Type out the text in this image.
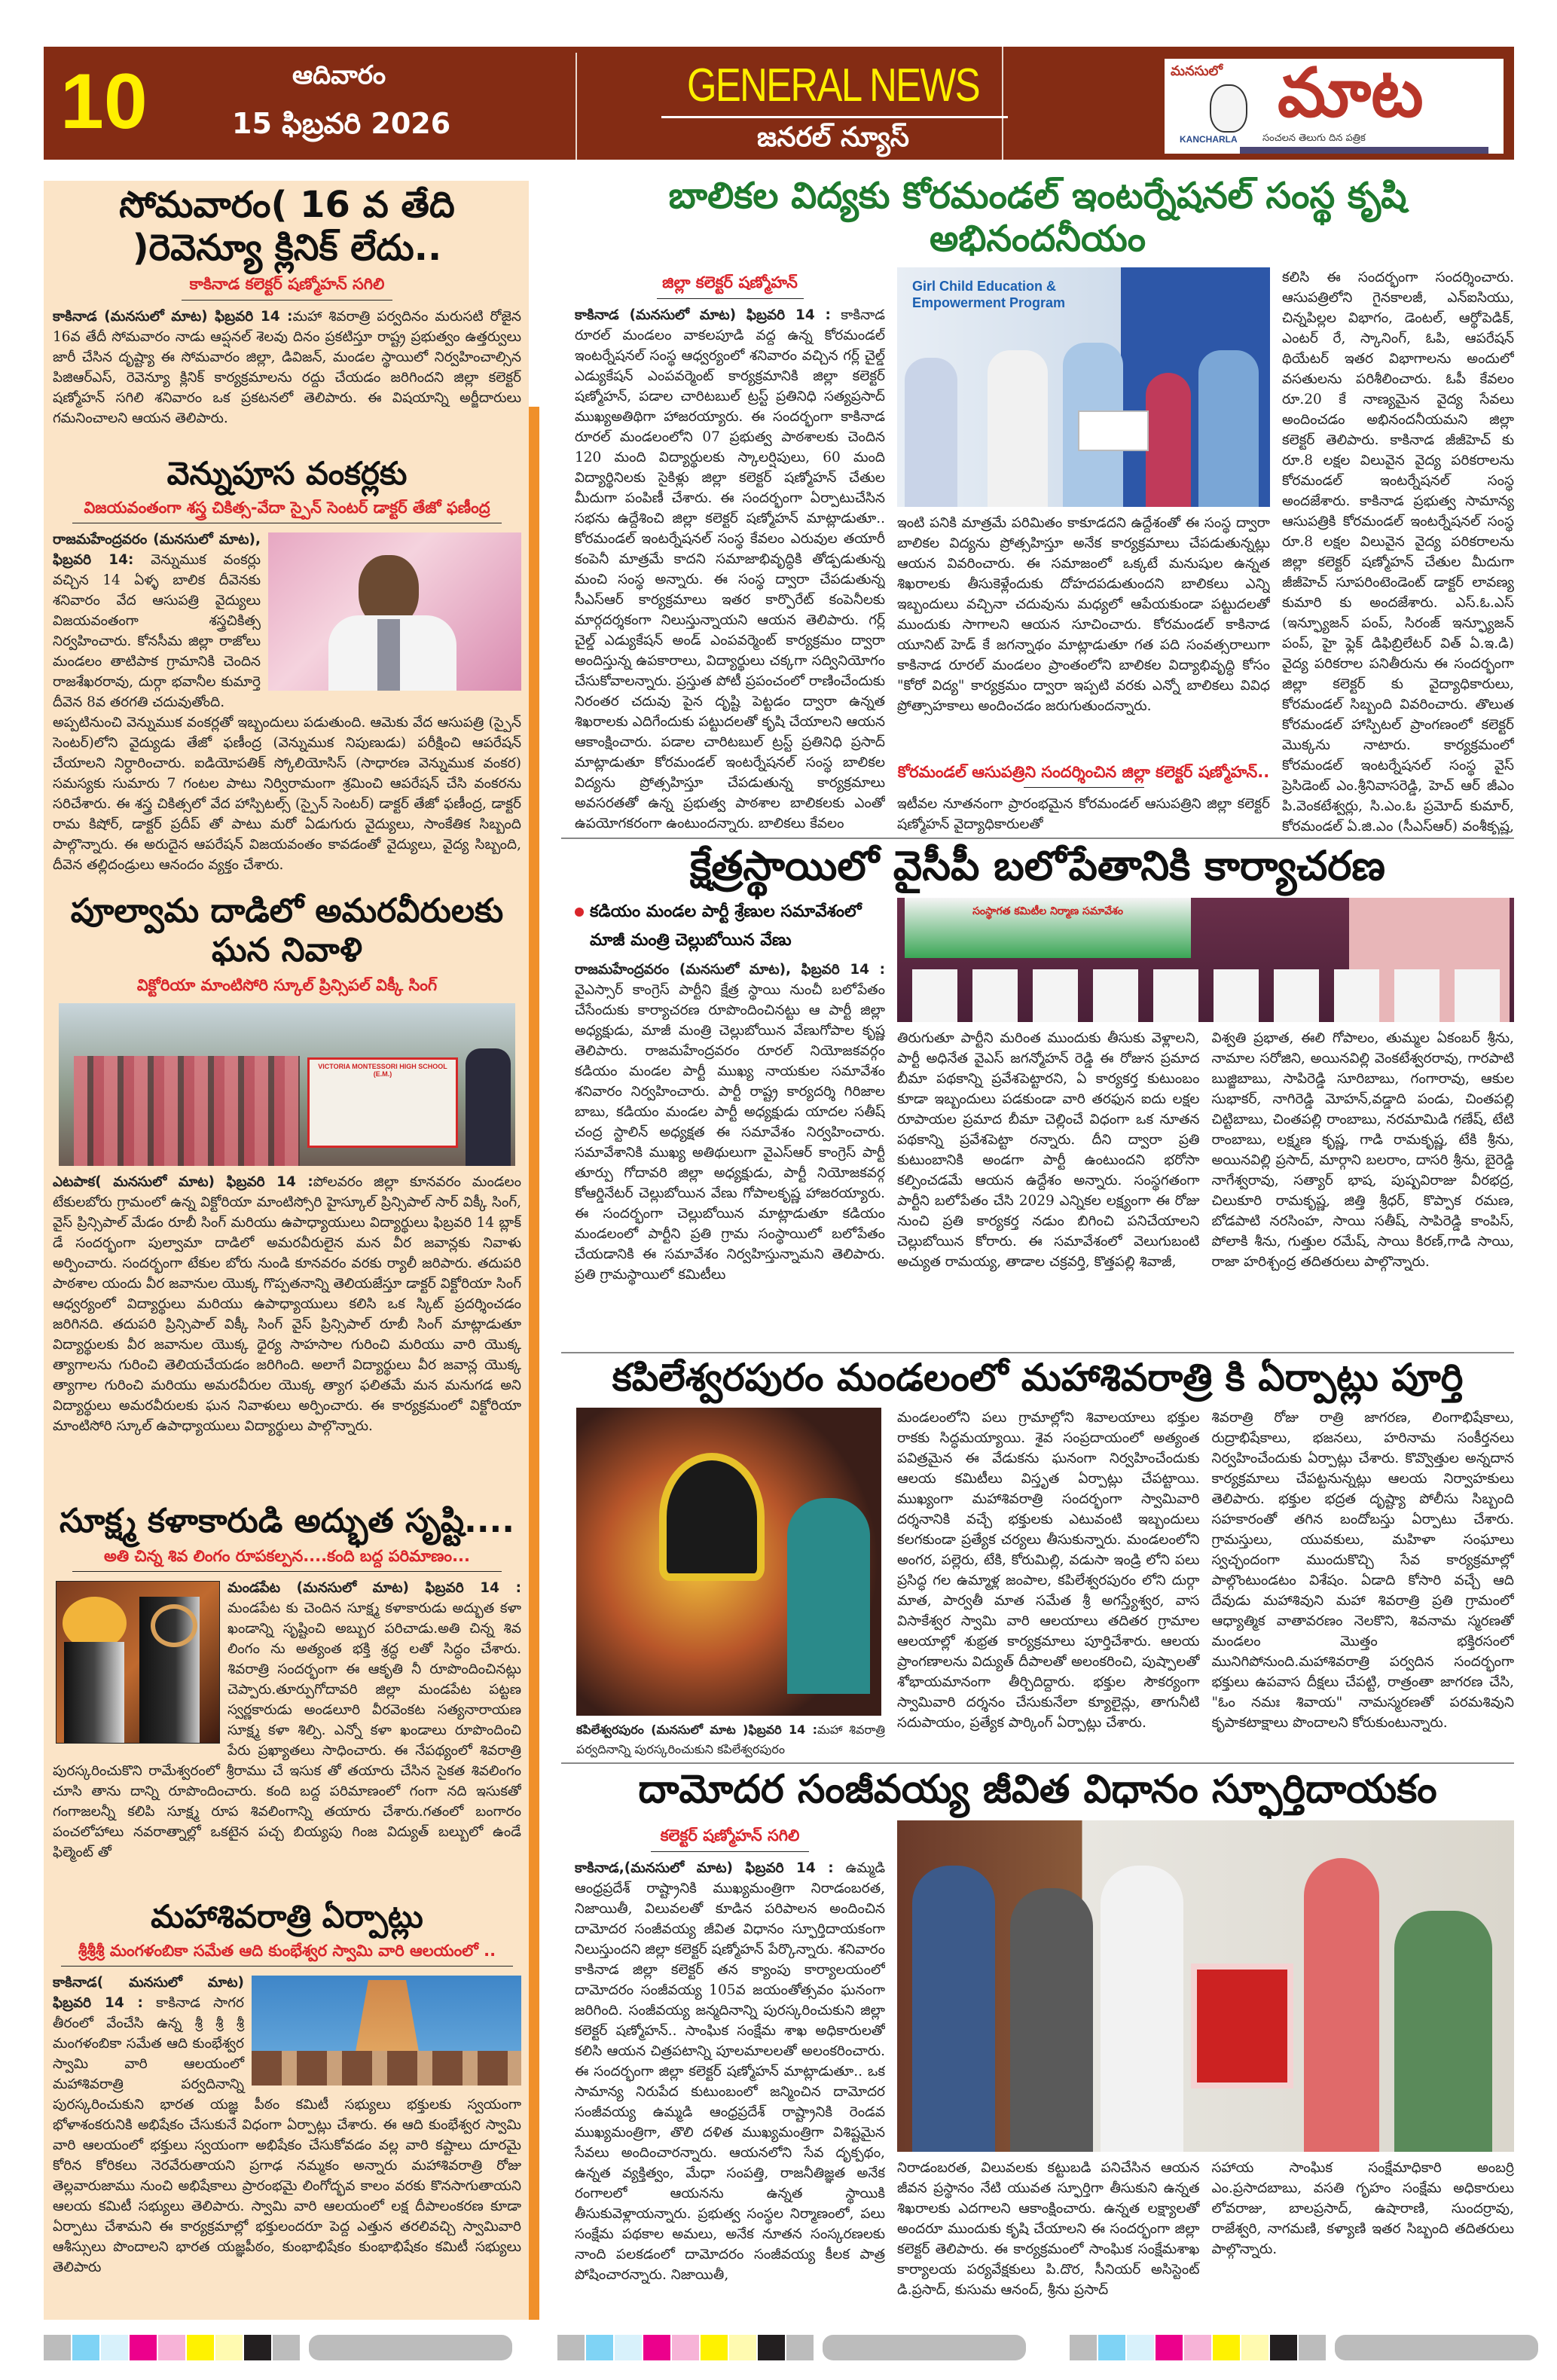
10	ఆదివారం
15 ఫిబ్రవరి 2026
GENERAL NEWS
జనరల్ న్యూస్
మనసులో మాట
KANCHARLA	సంచలన తెలుగు దిన పత్రిక
సోమవారం( 16 వ తేది )రెవెన్యూ క్లినిక్ లేదు..
కాకినాడ కలెక్టర్ షణ్మోహన్ సగిలి
కాకినాడ (మనసులో మాట) ఫిబ్రవరి 14 :మహా శివరాత్రి పర్వదినం మరుసటి రోజైన 16వ తేదీ సోమవారం నాడు ఆప్షనల్ శెలవు దినం ప్రకటిస్తూ రాష్ట్ర ప్రభుత్వం ఉత్తర్వులు జారీ చేసిన దృష్ట్యా ఈ సోమవారం జిల్లా, డివిజన్, మండల స్థాయిలో నిర్వహించాల్సిన పిజిఆర్ఎస్, రెవెన్యూ క్లినిక్ కార్యక్రమాలను రద్దు చేయడం జరిగిందని జిల్లా కలెక్టర్ షణ్మోహన్ సగిలి శనివారం ఒక ప్రకటనలో తెలిపారు. ఈ విషయాన్ని అర్జీదారులు గమనించాలని ఆయన తెలిపారు.
వెన్నుపూస వంకర్లకు
విజయవంతంగా శస్త్ర చికిత్స-వేదా స్పైన్ సెంటర్ డాక్టర్ తేజో ఫణీంద్ర
రాజమహేంద్రవరం (మనసులో మాట), ఫిబ్రవరి 14: వెన్నుముక వంకర్లు వచ్చిన 14 ఏళ్ళ బాలిక దీవెనకు శనివారం వేద ఆసుపత్రి వైద్యులు విజయవంతంగా శస్త్రచికిత్స నిర్వహించారు. కోనసీమ జిల్లా రాజోలు మండలం తాటిపాక గ్రామానికి చెందిన రాజశేఖరరావు, దుర్గా భవానీల కుమార్తె దీవెన 8వ తరగతి చదువుతోంది.
అప్పటినుంచి వెన్నుముక వంకర్లతో ఇబ్బందులు పడుతుంది. ఆమెకు వేద ఆసుపత్రి (స్పైన్ సెంటర్)లోని వైద్యుడు తేజో ఫణీంద్ర (వెన్నుముక నిపుణుడు) పరీక్షించి ఆపరేషన్ చేయాలని నిర్ధారించారు. ఐడియోపతిక్ స్కోలియోసిస్ (సాధారణ వెన్నుముక వంకర) సమస్యకు సుమారు 7 గంటల పాటు నిర్విరామంగా శ్రమించి ఆపరేషన్ చేసి వంకరను సరిచేశారు. ఈ శస్త్ర చికిత్సలో వేద హాస్పిటల్స్ (స్పైన్ సెంటర్) డాక్టర్ తేజో ఫణీంద్ర, డాక్టర్ రామ కిషోర్, డాక్టర్ ప్రదీప్ తో పాటు మరో ఏడుగురు వైద్యులు, సాంకేతిక సిబ్బంది పాల్గొన్నారు. ఈ అరుదైన ఆపరేషన్ విజయవంతం కావడంతో వైద్యులు, వైద్య సిబ్బంది, దీవెన తల్లిదండ్రులు ఆనందం వ్యక్తం చేశారు.
పూల్వామ దాడిలో అమరవీరులకు ఘన నివాళి
విక్టోరియా మాంటిసోరి స్కూల్ ప్రిన్సిపల్ విక్కీ సింగ్
VICTORIA MONTESSORI HIGH SCHOOL (E.M.)
ఎటపాక( మనసులో మాట) ఫిబ్రవరి 14 :పోలవరం జిల్లా కూనవరం మండలం టేకులబోరు గ్రామంలో ఉన్న విక్టోరియా మాంటిస్సోరి హైస్కూల్ ప్రిన్సిపాల్ సార్ విక్కీ సింగ్, వైస్ ప్రిన్సిపాల్ మేడం రూబీ సింగ్ మరియు ఉపాధ్యాయులు విద్యార్థులు ఫిబ్రవరి 14 బ్లాక్ డే సందర్భంగా పుల్వామా దాడిలో అమరవీరులైన మన వీర జవాన్లకు నివాళు అర్పించారు. సందర్భంగా టేకుల బోరు నుండి కూనవరం వరకు ర్యాలీ జరిపారు. తదుపరి పాఠశాల యందు వీర జవానుల యొక్క గొప్పతనాన్ని తెలియజేస్తూ డాక్టర్ విక్టోరియా సింగ్ ఆధ్వర్యంలో విద్యార్థులు మరియు ఉపాధ్యాయులు కలిసి ఒక స్కిట్ ప్రదర్శించడం జరిగినది. తదుపరి ప్రిన్సిపాల్ విక్కీ సింగ్ వైస్ ప్రిన్సిపాల్ రూబీ సింగ్ మాట్లాడుతూ విద్యార్థులకు వీర జవానుల యొక్క ధైర్య సాహసాల గురించి మరియు వారి యొక్క త్యాగాలను గురించి తెలియచేయడం జరిగింది. అలాగే విద్యార్థులు వీర జవాన్ల యొక్క త్యాగాల గురించి మరియు అమరవీరుల యొక్క త్యాగ ఫలితమే మన మనుగడ అని విద్యార్థులు అమరవీరులకు ఘన నివాళులు అర్పించారు. ఈ కార్యక్రమంలో విక్టోరియా మాంటిసోరి స్కూల్ ఉపాధ్యాయులు విద్యార్థులు పాల్గొన్నారు.
సూక్ష్మ కళాకారుడి అద్భుత సృష్టి....
అతి చిన్న శివ లింగం రూపకల్పన....కంది బద్ద పరిమాణం...
మండపేట (మనసులో మాట) ఫిబ్రవరి 14 : మండపేట కు చెందిన సూక్ష్మ కళాకారుడు అద్భుత కళా ఖండాన్ని సృష్టించి అబ్బుర పరిచాడు.అతి చిన్న శివ లింగం ను అత్యంత భక్తి శ్రద్ధ లతో సిద్ధం చేశారు. శివరాత్రి సందర్భంగా ఈ ఆకృతి నీ రూపొందించినట్లు చెప్పారు.తూర్పుగోదావరి జిల్లా మండపేట పట్టణ స్వర్ణకారుడు అండలూరి వీరవెంకట సత్యనారాయణ సూక్ష్మ కళా శిల్పి. ఎన్నో కళా ఖండాలు రూపొందించి పేరు ప్రఖ్యాతలు సాధించారు. ఈ నేపథ్యంలో శివరాత్రి పురస్కరించుకొని రామేశ్వరంలో శ్రీరాము చే ఇసుక తో తయారు చేసిన సైకత శివలింగం చూసి తాను దాన్ని రూపొందించారు. కంది బద్ద పరిమాణంలో గంగా నది ఇసుకతో గంగాజలన్నీ కలిపి సూక్ష్మ రూప శివలింగాన్ని తయారు చేశారు.గతంలో బంగారం పంచలోహాలు నవరాత్నాల్లో ఒకటైన పచ్చ బియ్యపు గింజ విద్యుత్ బల్బులో ఉండే ఫిల్మెంట్ తో
మహాశివరాత్రి ఏర్పాట్లు
శ్రీశ్రీశ్రీ మంగళంబికా సమేత ఆది కుంభేశ్వర స్వామి వారి ఆలయంలో ..
కాకినాడ( మనసులో మాట) ఫిబ్రవరి 14 : కాకినాడ సాగర తీరంలో వేంచేసి ఉన్న శ్రీ శ్రీ శ్రీ మంగళంబికా సమేత ఆది కుంభేశ్వర స్వామి వారి ఆలయంలో మహాశివరాత్రి పర్వదినాన్ని పురస్కరించుకుని భారత యజ్ఞ పీఠం కమిటీ సభ్యులు భక్తులకు స్వయంగా భోళాశంకరునికి అభిషేకం చేసుకునే విధంగా ఏర్పాట్లు చేశారు. ఈ ఆది కుంభేశ్వర స్వామి వారి ఆలయంలో భక్తులు స్వయంగా అభిషేకం చేసుకోవడం వల్ల వారి కష్టాలు దూరమై కోరిన కోరికలు నెరవేరుతాయని ప్రగాఢ నమ్మకం అన్నారు మహాశివరాత్రి రోజు తెల్లవారుజాము నుంచి అభిషేకాలు ప్రారంభమై లింగోద్భవ కాలం వరకు కొనసాగుతాయని ఆలయ కమిటీ సభ్యులు తెలిపారు. స్వామి వారి ఆలయంలో లక్ష దీపాలంకరణ కూడా ఏర్పాటు చేశామని ఈ కార్యక్రమాల్లో భక్తులందరూ పెద్ద ఎత్తున తరలివచ్చి స్వామివారి ఆశీస్సులు పొందాలని భారత యజ్ఞపీఠం, కుంభాభిషేకం కుంభాభిషేకం కమిటీ సభ్యులు తెలిపారు
బాలికల విద్యకు కోరమండల్ ఇంటర్నేషనల్ సంస్థ కృషి అభినందనీయం
జిల్లా కలెక్టర్ షణ్మోహన్
కాకినాడ (మనసులో మాట) ఫిబ్రవరి 14 : కాకినాడ రూరల్ మండలం వాకలపూడి వద్ద ఉన్న కోరమండల్ ఇంటర్నేషనల్ సంస్థ ఆధ్వర్యంలో శనివారం వచ్చిన గర్ల్ చైల్డ్ ఎడ్యుకేషన్ ఎంపవర్మెంట్ కార్యక్రమానికి జిల్లా కలెక్టర్ షణ్మోహన్, పడాల చారిటబుల్ ట్రస్ట్ ప్రతినిధి సత్యప్రసాద్ ముఖ్యఅతిథిగా హాజరయ్యారు. ఈ సందర్భంగా కాకినాడ రూరల్ మండలంలోని 07 ప్రభుత్వ పాఠశాలకు చెందిన 120 మంది విద్యార్థులకు స్కాలర్షిపులు, 60 మంది విద్యార్థినిలకు సైకిళ్లు జిల్లా కలెక్టర్ షణ్మోహన్ చేతుల మీదుగా పంపిణీ చేశారు. ఈ సందర్భంగా ఏర్పాటుచేసిన సభను ఉద్దేశించి జిల్లా కలెక్టర్ షణ్మోహన్ మాట్లాడుతూ.. కోరమండల్ ఇంటర్నేషనల్ సంస్థ కేవలం ఎరువుల తయారీ కంపెనీ మాత్రమే కాదని సమాజాభివృద్ధికి తోడ్పడుతున్న మంచి సంస్థ అన్నారు. ఈ సంస్థ ద్వారా చేపడుతున్న సీఎస్ఆర్ కార్యక్రమాలు ఇతర కార్పొరేట్ కంపెనీలకు మార్గదర్శకంగా నిలుస్తున్నాయని ఆయన తెలిపారు. గర్ల్ చైల్డ్ ఎడ్యుకేషన్ అండ్ ఎంపవర్మెంట్ కార్యక్రమం ద్వారా అందిస్తున్న ఉపకారాలు, విద్యార్థులు చక్కగా సద్వినియోగం చేసుకోవాలన్నారు. ప్రస్తుత పోటీ ప్రపంచంలో రాణించేందుకు నిరంతర చదువు పైన దృష్టి పెట్టడం ద్వారా ఉన్నత శిఖరాలకు ఎదిగేందుకు పట్టుదలతో కృషి చేయాలని ఆయన ఆకాంక్షించారు. పడాల చారిటబుల్ ట్రస్ట్ ప్రతినిధి ప్రసాద్ మాట్లాడుతూ కోరమండల్ ఇంటర్నేషనల్ సంస్థ బాలికల విద్యను ప్రోత్సహిస్తూ చేపడుతున్న కార్యక్రమాలు అవసరతతో ఉన్న ప్రభుత్వ పాఠశాల బాలికలకు ఎంతో ఉపయోగకరంగా ఉంటుందన్నారు. బాలికలు కేవలం
Girl Child Education & Empowerment Program
ఇంటి పనికి మాత్రమే పరిమితం కాకూడదని ఉద్దేశంతో ఈ సంస్థ ద్వారా బాలికల విద్యను ప్రోత్సహిస్తూ అనేక కార్యక్రమాలు చేపడుతున్నట్లు ఆయన వివరించారు. ఈ సమాజంలో ఒక్కటే మనుషుల ఉన్నత శిఖరాలకు తీసుకెళ్లేందుకు దోహదపడుతుందని బాలికలు ఎన్ని ఇబ్బందులు వచ్చినా చదువును మధ్యలో ఆపేయకుండా పట్టుదలతో ముందుకు సాగాలని ఆయన సూచించారు. కోరమండల్ కాకినాడ యూనిట్ హెడ్ కే జగన్నాథం మాట్లాడుతూ గత పది సంవత్సరాలుగా కాకినాడ రూరల్ మండలం ప్రాంతంలోని బాలికల విద్యాభివృద్ధి కోసం "కోరో విద్య" కార్యక్రమం ద్వారా ఇప్పటి వరకు ఎన్నో బాలికలు వివిధ ప్రోత్సాహకాలు అందించడం జరుగుతుందన్నారు.
కోరమండల్ ఆసుపత్రిని సందర్శించిన జిల్లా కలెక్టర్ షణ్మోహన్..
ఇటీవల నూతనంగా ప్రారంభమైన కోరమండల్ ఆసుపత్రిని జిల్లా కలెక్టర్ షణ్మోహన్ వైద్యాధికారులతో
కలిసి ఈ సందర్భంగా సందర్శించారు. ఆసుపత్రిలోని గైనకాలజీ, ఎన్ఐసియు, చిన్నపిల్లల విభాగం, డెంటల్, ఆర్థోపెడిక్, ఎంటర్ రే, స్కానింగ్, ఓపి, ఆపరేషన్ థియేటర్ ఇతర విభాగాలను అందులో వసతులను పరిశీలించారు. ఓపీ కేవలం రూ.20 కే నాణ్యమైన వైద్య సేవలు అందించడం అభినందనీయమని జిల్లా కలెక్టర్ తెలిపారు. కాకినాడ జీజీహెచ్ కు రూ.8 లక్షల విలువైన వైద్య పరికరాలను కోరమండల్ ఇంటర్నేషనల్ సంస్థ అందజేశారు. కాకినాడ ప్రభుత్వ సామాన్య ఆసుపత్రికి కోరమండల్ ఇంటర్నేషనల్ సంస్థ రూ.8 లక్షల విలువైన వైద్య పరికరాలను జిల్లా కలెక్టర్ షణ్మోహన్ చేతుల మీదుగా జీజీహెచ్ సూపరింటెండెంట్ డాక్టర్ లావణ్య కుమారి కు అందజేశారు. ఎస్.ఓ.ఎస్ (ఇన్ఫ్యూజన్ పంప్, సిరంజ్ ఇన్ఫ్యూజన్ పంప్, హై ఫ్లెక్ డిఫిబ్రిలేటర్ విత్ ఏ.ఇ.డి) వైద్య పరికరాల పనితీరును ఈ సందర్భంగా జిల్లా కలెక్టర్ కు వైద్యాధికారులు, కోరమండల్ సిబ్బంది వివరించారు. తొలుత కోరమండల్ హాస్పిటల్ ప్రాంగణంలో కలెక్టర్ మొక్కను నాటారు. కార్యక్రమంలో కోరమండల్ ఇంటర్నేషనల్ సంస్థ వైస్ ప్రెసిడెంట్ ఎం.శ్రీనివాసరెడ్డి, హెచ్ ఆర్ జీఎం పి.వెంకటేశ్వర్లు, సి.ఎం.ఓ ప్రమోద్ కుమార్, కోరమండల్ ఏ.జి.ఎం (సీఎస్ఆర్) వంశీకృష్ణ,
క్షేత్రస్థాయిలో వైసీపీ బలోపేతానికి కార్యాచరణ
కడియం మండల పార్టీ శ్రేణుల సమావేశంలో మాజీ మంత్రి చెల్లుబోయిన వేణు
రాజమహేంద్రవరం (మనసులో మాట), ఫిబ్రవరి 14 : వైఎస్సార్ కాంగ్రెస్ పార్టీని క్షేత్ర స్థాయి నుంచీ బలోపేతం చేసేందుకు కార్యాచరణ రూపొందించినట్టు ఆ పార్టీ జిల్లా అధ్యక్షుడు, మాజీ మంత్రి చెల్లుబోయిన వేణుగోపాల కృష్ణ తెలిపారు. రాజమహేంద్రవరం రూరల్ నియోజకవర్గం కడియం మండల పార్టీ ముఖ్య నాయకుల సమావేశం శనివారం నిర్వహించారు. పార్టీ రాష్ట్ర కార్యదర్శి గిరిజాల బాబు, కడియం మండల పార్టీ అధ్యక్షుడు యాదల సతీష్ చంద్ర స్టాలిన్ అధ్యక్షత ఈ సమావేశం నిర్వహించారు. సమావేశానికి ముఖ్య అతిథులుగా వైఎస్ఆర్ కాంగ్రెస్ పార్టీ తూర్పు గోదావరి జిల్లా అధ్యక్షుడు, పార్టీ నియోజకవర్గ కోఆర్డినేటర్ చెల్లుబోయిన వేణు గోపాలకృష్ణ హాజరయ్యారు. ఈ సందర్భంగా చెల్లుబోయిన మాట్లాడుతూ కడియం మండలంలో పార్టీని ప్రతి గ్రామ సంస్థాయిలో బలోపేతం చేయడానికి ఈ సమావేశం నిర్వహిస్తున్నామని తెలిపారు. ప్రతి గ్రామస్థాయిలో కమిటీలు
సంస్థాగత కమిటీల నిర్మాణ సమావేశం
తిరుగుతూ పార్టీని మరింత ముందుకు తీసుకు వెళ్లాలని, పార్టీ అధినేత వైఎస్ జగన్మోహన్ రెడ్డి ఈ రోజున ప్రమాద బీమా పథకాన్ని ప్రవేశపెట్టారని, ఏ కార్యకర్త కుటుంబం కూడా ఇబ్బందులు పడకుండా వారి తరఫున ఐదు లక్షల రూపాయల ప్రమాద బీమా చెల్లించే విధంగా ఒక నూతన పథకాన్ని ప్రవేశపెట్టా రన్నారు. దీని ద్వారా ప్రతి కుటుంబానికి అండగా పార్టీ ఉంటుందని భరోసా కల్పించడమే ఆయన ఉద్దేశం అన్నారు. సంస్థగతంగా పార్టీని బలోపేతం చేసి 2029 ఎన్నికల లక్ష్యంగా ఈ రోజు నుంచి ప్రతి కార్యకర్త నడుం బిగించి పనిచేయాలని చెల్లుబోయిన కోరారు. ఈ సమావేశంలో వెలుగుబంటి అచ్యుత రామయ్య, తాడాల చక్రవర్తి, కొత్తపల్లి శివాజీ,
విశ్వతి ప్రభాత, ఈలి గోపాలం, తుమ్మల ఏకంబర్ శ్రీను, నామాల సరోజిని, అయినవిల్లి వెంకటేశ్వరరావు, గారపాటి బుజ్జిబాబు, సాపిరెడ్డి సూరిబాబు, గంగారావు, ఆకుల సుభాకర్, నాగిరెడ్డి మోహన్,వడ్డాది పండు, చింతపల్లి చిట్టిబాబు, చింతపల్లి రాంబాబు, నరమామిడి గణేష్, టేటి రాంబాబు, లక్ష్మణ కృష్ణ, గాడి రామకృష్ణ, టేకి శ్రీను, అయినవిల్లి ప్రసాద్, మార్గాని బలరాం, దాసరి శ్రీను, బైరెడ్డి నాగేశ్వరావు, సత్యార్ భాష, పుష్పవిరాజు వీరభద్ర, చిలుకూరి రామకృష్ణ, జిత్తి శ్రీధర్, కొప్పాక రమణ, బోడపాటి నరసింహ, సాయి సతీష్, సాపిరెడ్డి కాంపిస్, పోలాకి శీను, గుత్తుల రమేష్, సాయి కిరణ్,గాడి సాయి, రాజా హరిశ్చంద్ర తదితరులు పాల్గొన్నారు.
కపిలేశ్వరపురం మండలంలో మహాశివరాత్రి కి ఏర్పాట్లు పూర్తి
కపిలేశ్వరపురం (మనసులో మాట )ఫిబ్రవరి 14 :మహా శివరాత్రి పర్వదినాన్ని పురస్కరించుకుని కపిలేశ్వరపురం
మండలంలోని పలు గ్రామాల్లోని శివాలయాలు భక్తుల రాకకు సిద్ధమయ్యాయి. శైవ సంప్రదాయంలో అత్యంత పవిత్రమైన ఈ వేడుకను ఘనంగా నిర్వహించేందుకు ఆలయ కమిటీలు విస్తృత ఏర్పాట్లు చేపట్టాయి. ముఖ్యంగా మహాశివరాత్రి సందర్భంగా స్వామివారి దర్శనానికి వచ్చే భక్తులకు ఎటువంటి ఇబ్బందులు కలగకుండా ప్రత్యేక చర్యలు తీసుకున్నారు. మండలంలోని అంగర, పల్లెరు, టేకి, కోరుమిల్లి, వడుసా ఇండ్రి లోని పలు ప్రసిద్ధ గల ఉమ్మాళ్ల జంపాల, కపిలేశ్వరపురం లోని దుర్గా మాత, పార్వతీ మాత సమేత శ్రీ అగస్త్యేశ్వర, వాస విసాకేశ్వర స్వామి వారి ఆలయాలు తదితర గ్రామాల ఆలయాల్లో శుభ్రత కార్యక్రమాలు పూర్తిచేశారు. ఆలయ ప్రాంగణాలను విద్యుత్ దీపాలతో అలంకరించి, పుష్పాలతో శోభాయమానంగా తీర్చిదిద్దారు. భక్తుల సౌకర్యంగా స్వామివారి దర్శనం చేసుకునేలా క్యూలైన్లు, తాగునీటి సదుపాయం, ప్రత్యేక పార్కింగ్ ఏర్పాట్లు చేశారు.
శివరాత్రి రోజు రాత్రి జాగరణ, లింగాభిషేకాలు, రుద్రాభిషేకాలు, భజనలు, హరినామ సంకీర్తనలు నిర్వహించేందుకు ఏర్పాట్లు చేశారు. కొవ్వొత్తుల అన్నదాన కార్యక్రమాలు చేపట్టనున్నట్లు ఆలయ నిర్వాహకులు తెలిపారు. భక్తుల భద్రత దృష్ట్యా పోలీసు సిబ్బంది సహకారంతో తగిన బందోబస్తు ఏర్పాటు చేశారు. గ్రామస్తులు, యువకులు, మహిళా సంఘాలు స్వచ్ఛందంగా ముందుకొచ్చి సేవ కార్యక్రమాల్లో పాల్గొంటుండటం విశేషం. ఏడాది కోసారి వచ్చే ఆది దేవుడు మహాశివుని మహా శివరాత్రి ప్రతి గ్రామంలో ఆధ్యాత్మిక వాతావరణం నెలకొని, శివనామ స్మరణతో మండలం మొత్తం భక్తిరసంలో మునిగిపోనుంది.మహాశివరాత్రి పర్వదిన సందర్భంగా భక్తులు ఉపవాస దీక్షలు చేపట్టి, రాత్రంతా జాగరణ చేసి, "ఓం నమః శివాయ" నామస్మరణతో పరమశివుని కృపాకటాక్షాలు పొందాలని కోరుకుంటున్నారు.
దామోదర సంజీవయ్య జీవిత విధానం స్ఫూర్తిదాయకం
కలెక్టర్ షణ్మోహన్ సగిలి
కాకినాడ,(మనసులో మాట) ఫిబ్రవరి 14 : ఉమ్మడి ఆంధ్రప్రదేశ్ రాష్ట్రానికి ముఖ్యమంత్రిగా నిరాడంబరత, నిజాయితీ, విలువలతో కూడిన పరిపాలన అందించిన దామోదర సంజీవయ్య జీవిత విధానం స్ఫూర్తిదాయకంగా నిలుస్తుందని జిల్లా కలెక్టర్ షణ్మోహన్ పేర్కొన్నారు. శనివారం కాకినాడ జిల్లా కలెక్టర్ తన క్యాంపు కార్యాలయంలో దామోదరం సంజీవయ్య 105వ జయంతోత్సవం ఘనంగా జరిగింది. సంజీవయ్య జన్మదినాన్ని పురస్కరించుకుని జిల్లా కలెక్టర్ షణ్మోహన్.. సాంఘిక సంక్షేమ శాఖ అధికారులతో కలిసి ఆయన చిత్రపటాన్ని పూలమాలలతో అలంకరించారు. ఈ సందర్భంగా జిల్లా కలెక్టర్ షణ్మోహన్ మాట్లాడుతూ.. ఒక సామాన్య నిరుపేద కుటుంబంలో జన్మించిన దామోదర సంజీవయ్య ఉమ్మడి ఆంధ్రప్రదేశ్ రాష్ట్రానికి రెండవ ముఖ్యమంత్రిగా, తొలి దళిత ముఖ్యమంత్రిగా విశిష్టమైన సేవలు అందించారన్నారు. ఆయనలోని సేవ దృక్పథం, ఉన్నత వ్యక్తిత్వం, మేధా సంపత్తి, రాజనీతిజ్ఞత అనేక రంగాలలో ఆయనను ఉన్నత స్థాయికి తీసుకువెళ్లాయన్నారు. ప్రభుత్వ సంస్థల నిర్మాణంలో, పలు సంక్షేమ పథకాల అమలు, అనేక నూతన సంస్కరణలకు నాంది పలకడంలో దామోదరం సంజీవయ్య కీలక పాత్ర పోషించారన్నారు. నిజాయితీ,
నిరాడంబరత, విలువలకు కట్టుబడి పనిచేసిన ఆయన జీవన ప్రస్థానం నేటి యువత స్ఫూర్తిగా తీసుకుని ఉన్నత శిఖరాలకు ఎదగాలని ఆకాంక్షించారు. ఉన్నత లక్ష్యాలతో అందరూ ముందుకు కృషి చేయాలని ఈ సందర్భంగా జిల్లా కలెక్టర్ తెలిపారు. ఈ కార్యక్రమంలో సాంఘిక సంక్షేమశాఖ కార్యాలయ పర్యవేక్షకులు పి.దొర, సీనియర్ అసిస్టెంట్ డి.ప్రసాద్, కుసుమ ఆనంద్, శ్రీను ప్రసాద్
సహాయ సాంఘిక సంక్షేమాధికారి అంబర్రి ఎం.ప్రసాదబాబు, వసతి గృహం సంక్షేమ అధికారులు లోవరాజు, బాలప్రసాద్, ఉషారాణి, సుందర్రావు, రాజేశ్వరి, నాగమణి, కళ్యాణి ఇతర సిబ్బంది తదితరులు పాల్గొన్నారు.
